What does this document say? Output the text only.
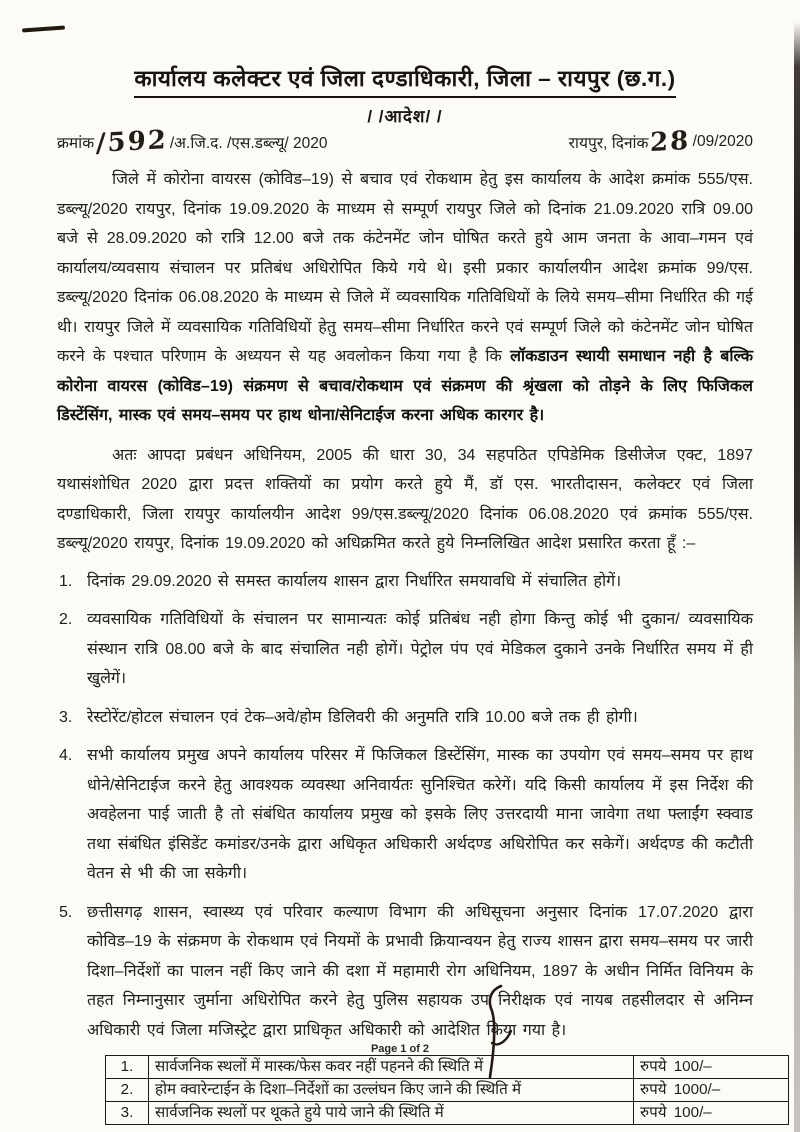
कार्यालय कलेक्टर एवं जिला दण्डाधिकारी, जिला – रायपुर (छ.ग.)
/ /आदेश/ /
क्रमांक /592 /अ.जि.द. /एस.डब्ल्यू/ 2020	रायपुर, दिनांक 28 /09/2020
जिले में कोरोना वायरस (कोविड–19) से बचाव एवं रोकथाम हेतु इस कार्यालय के आदेश क्रमांक 555/एस. डब्ल्यू/2020 रायपुर, दिनांक 19.09.2020 के माध्यम से सम्पूर्ण रायपुर जिले को दिनांक 21.09.2020 रात्रि 09.00 बजे से 28.09.2020 को रात्रि 12.00 बजे तक कंटेनमेंट जोन घोषित करते हुये आम जनता के आवा–गमन एवं कार्यालय/व्यवसाय संचालन पर प्रतिबंध अधिरोपित किये गये थे। इसी प्रकार कार्यालयीन आदेश क्रमांक 99/एस. डब्ल्यू/2020 दिनांक 06.08.2020 के माध्यम से जिले में व्यवसायिक गतिविधियों के लिये समय–सीमा निर्धारित की गई थी। रायपुर जिले में व्यवसायिक गतिविधियों हेतु समय–सीमा निर्धारित करने एवं सम्पूर्ण जिले को कंटेनमेंट जोन घोषित करने के पश्चात परिणाम के अध्ययन से यह अवलोकन किया गया है कि लॉकडाउन स्थायी समाधान नही है बल्कि कोरोना वायरस (कोविड–19) संक्रमण से बचाव/रोकथाम एवं संक्रमण की श्रृंखला को तोड़ने के लिए फिजिकल डिस्टेंसिंग, मास्क एवं समय–समय पर हाथ धोना/सेनिटाईज करना अधिक कारगर है।
अतः आपदा प्रबंधन अधिनियम, 2005 की धारा 30, 34 सहपठित एपिडेमिक डिसीजेज एक्ट, 1897 यथासंशोधित 2020 द्वारा प्रदत्त शक्तियों का प्रयोग करते हुये मैं, डॉ एस. भारतीदासन, कलेक्टर एवं जिला दण्डाधिकारी, जिला रायपुर कार्यालयीन आदेश 99/एस.डब्ल्यू/2020 दिनांक 06.08.2020 एवं क्रमांक 555/एस. डब्ल्यू/2020 रायपुर, दिनांक 19.09.2020 को अधिक्रमित करते हुये निम्नलिखित आदेश प्रसारित करता हूँ :–
1. दिनांक 29.09.2020 से समस्त कार्यालय शासन द्वारा निर्धारित समयावधि में संचालित होगें।
2. व्यवसायिक गतिविधियों के संचालन पर सामान्यतः कोई प्रतिबंध नही होगा किन्तु कोई भी दुकान/ व्यवसायिक संस्थान रात्रि 08.00 बजे के बाद संचालित नही होगें। पेट्रोल पंप एवं मेडिकल दुकाने उनके निर्धारित समय में ही खुलेगें।
3. रेस्टोरेंट/होटल संचालन एवं टेक–अवे/होम डिलिवरी की अनुमति रात्रि 10.00 बजे तक ही होगी।
4. सभी कार्यालय प्रमुख अपने कार्यालय परिसर में फिजिकल डिस्टेंसिंग, मास्क का उपयोग एवं समय–समय पर हाथ धोने/सेनिटाईज करने हेतु आवश्यक व्यवस्था अनिवार्यतः सुनिश्चित करेगें। यदि किसी कार्यालय में इस निर्देश की अवहेलना पाई जाती है तो संबंधित कार्यालय प्रमुख को इसके लिए उत्तरदायी माना जावेगा तथा फ्लाईंग स्क्वाड तथा संबंधित इंसिडेंट कमांडर/उनके द्वारा अधिकृत अधिकारी अर्थदण्ड अधिरोपित कर सकेगें। अर्थदण्ड की कटौती वेतन से भी की जा सकेगी।
5. छत्तीसगढ़ शासन, स्वास्थ्य एवं परिवार कल्याण विभाग की अधिसूचना अनुसार दिनांक 17.07.2020 द्वारा कोविड–19 के संक्रमण के रोकथाम एवं नियमों के प्रभावी क्रियान्वयन हेतु राज्य शासन द्वारा समय–समय पर जारी दिशा–निर्देशों का पालन नहीं किए जाने की दशा में महामारी रोग अधिनियम, 1897 के अधीन निर्मित विनियम के तहत निम्नानुसार जुर्माना अधिरोपित करने हेतु पुलिस सहायक उप निरीक्षक एवं नायब तहसीलदार से अनिम्न अधिकारी एवं जिला मजिस्ट्रेट द्वारा प्राधिकृत अधिकारी को आदेशित किया गया है।
1.	सार्वजनिक स्थलों में मास्क/फेस कवर नहीं पहनने की स्थिति में	रुपये 100/–
2.	होम क्वारेन्टाईन के दिशा–निर्देशों का उल्लंघन किए जाने की स्थिति में	रुपये 1000/–
3.	सार्वजनिक स्थलों पर थूकते हुये पाये जाने की स्थिति में	रुपये 100/–
Page 1 of 2
